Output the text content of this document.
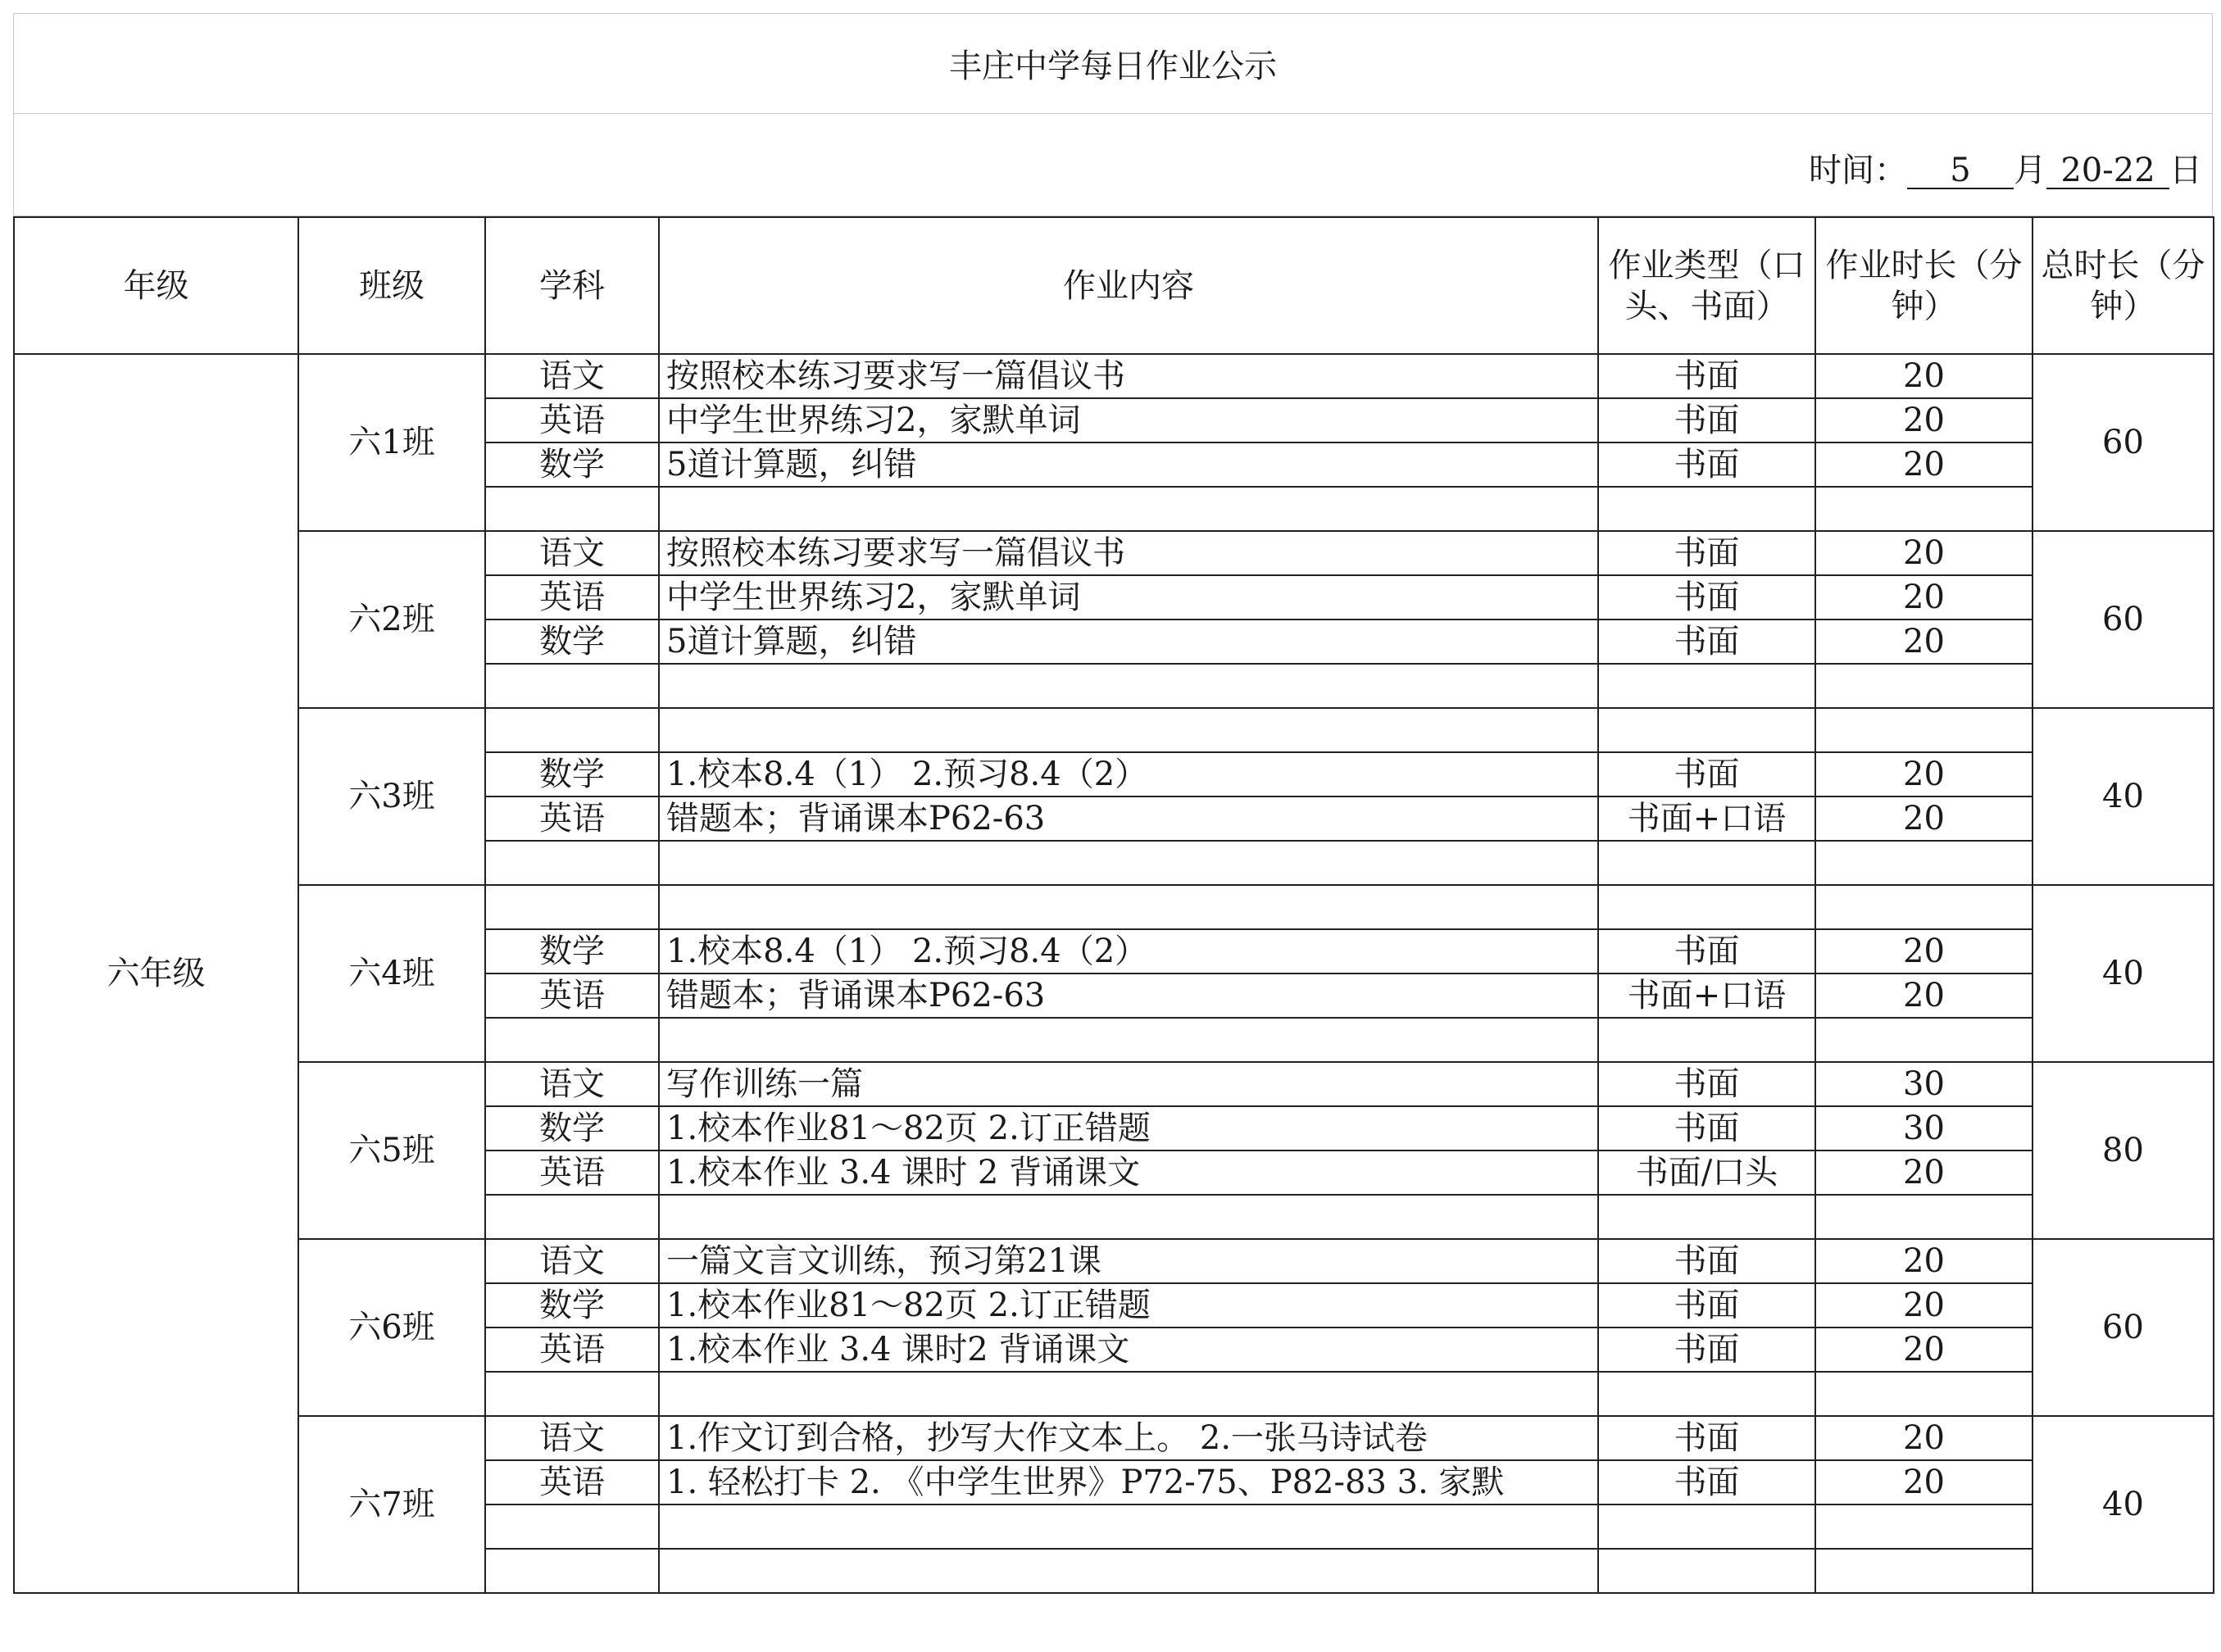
丰庄中学每日作业公示
时间： 5 月 20-22 日
年级	班级	学科	作业内容	作业类型（口头、书面）	作业时长（分钟）	总时长（分钟）
六年级	六1班	语文	按照校本练习要求写一篇倡议书	书面	20	60
		英语	中学生世界练习2，家默单词	书面	20	
		数学	5道计算题，纠错	书面	20	

	六2班	语文	按照校本练习要求写一篇倡议书	书面	20	60
		英语	中学生世界练习2，家默单词	书面	20	
		数学	5道计算题，纠错	书面	20	

	六3班					40
		数学	1.校本8.4（1） 2.预习8.4（2）	书面	20	
		英语	错题本；背诵课本P62-63	书面+口语	20	

	六4班					40
		数学	1.校本8.4（1） 2.预习8.4（2）	书面	20	
		英语	错题本；背诵课本P62-63	书面+口语	20	

	六5班	语文	写作训练一篇	书面	30	80
		数学	1.校本作业81～82页 2.订正错题	书面	30	
		英语	1.校本作业 3.4 课时 2 背诵课文	书面/口头	20	

	六6班	语文	一篇文言文训练，预习第21课	书面	20	60
		数学	1.校本作业81～82页 2.订正错题	书面	20	
		英语	1.校本作业 3.4 课时2 背诵课文	书面	20	

	六7班	语文	1.作文订到合格，抄写大作文本上。 2.一张马诗试卷	书面	20	40
		英语	1. 轻松打卡 2. 《中学生世界》P72-75、P82-83 3. 家默	书面	20	
